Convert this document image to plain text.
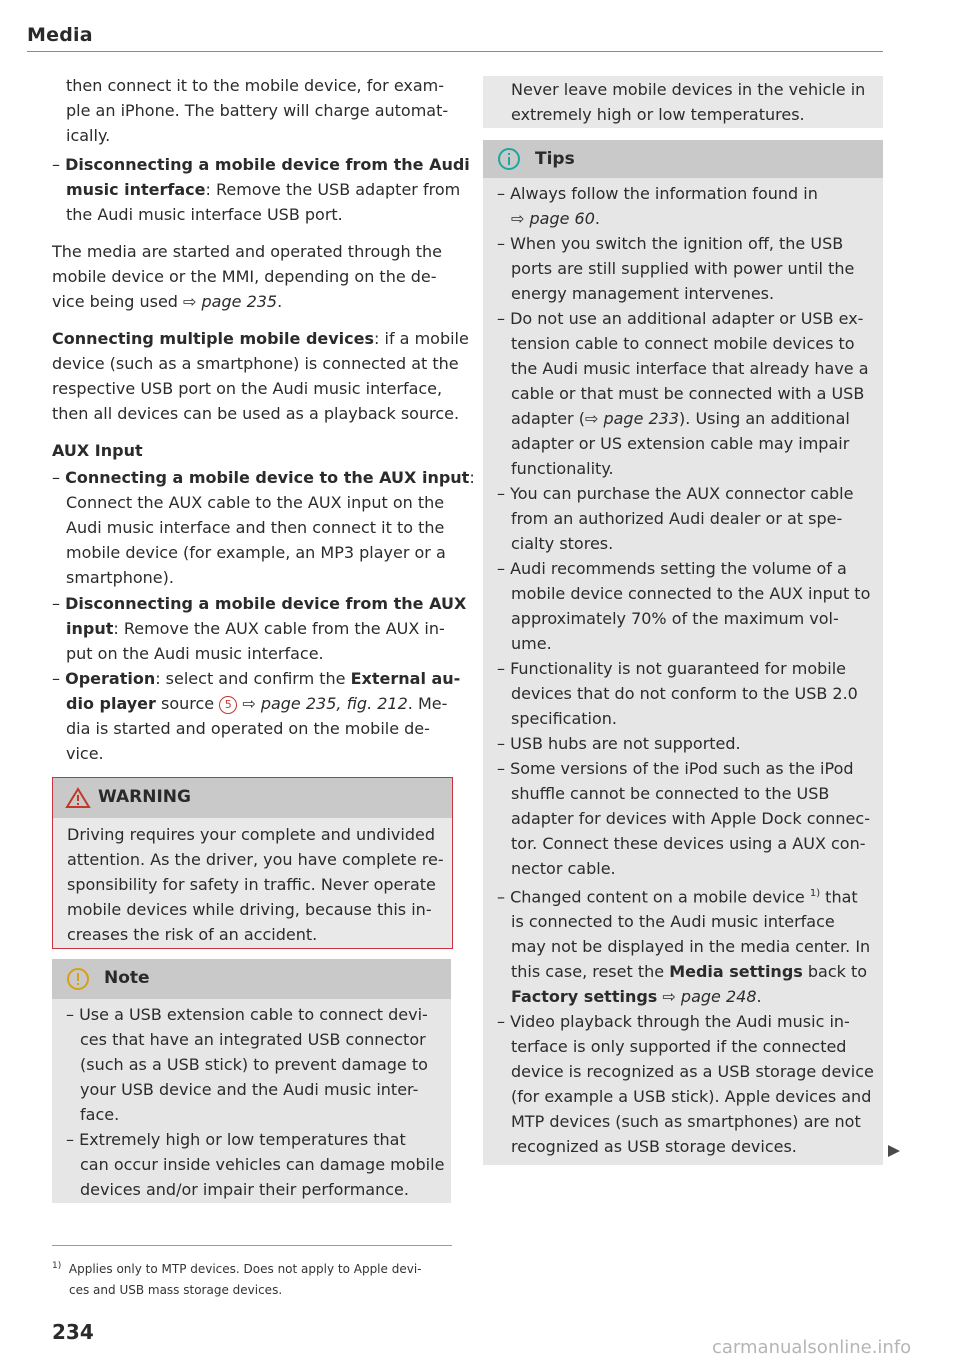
Media
then connect it to the mobile device, for exam-
ple an iPhone. The battery will charge automat-
ically.
– Disconnecting a mobile device from the Audi
music interface: Remove the USB adapter from
the Audi music interface USB port.
The media are started and operated through the
mobile device or the MMI, depending on the de-
vice being used ⇨ page 235.
Connecting multiple mobile devices: if a mobile
device (such as a smartphone) is connected at the
respective USB port on the Audi music interface,
then all devices can be used as a playback source.
AUX Input
– Connecting a mobile device to the AUX input:
Connect the AUX cable to the AUX input on the
Audi music interface and then connect it to the
mobile device (for example, an MP3 player or a
smartphone).
– Disconnecting a mobile device from the AUX
input: Remove the AUX cable from the AUX in-
put on the Audi music interface.
– Operation: select and confirm the External au-
dio player source 5 ⇨ page 235, fig. 212. Me-
dia is started and operated on the mobile de-
vice.
WARNING
Driving requires your complete and undivided
attention. As the driver, you have complete re-
sponsibility for safety in traffic. Never operate
mobile devices while driving, because this in-
creases the risk of an accident.
Note
– Use a USB extension cable to connect devi-
ces that have an integrated USB connector
(such as a USB stick) to prevent damage to
your USB device and the Audi music inter-
face.
– Extremely high or low temperatures that
can occur inside vehicles can damage mobile
devices and/or impair their performance.
$^{1)}$ Applies only to MTP devices. Does not apply to Apple devi-
ces and USB mass storage devices.
234
Never leave mobile devices in the vehicle in
extremely high or low temperatures.
Tips
– Always follow the information found in
⇨ page 60.
– When you switch the ignition off, the USB
ports are still supplied with power until the
energy management intervenes.
– Do not use an additional adapter or USB ex-
tension cable to connect mobile devices to
the Audi music interface that already have a
cable or that must be connected with a USB
adapter (⇨ page 233). Using an additional
adapter or US extension cable may impair
functionality.
– You can purchase the AUX connector cable
from an authorized Audi dealer or at spe-
cialty stores.
– Audi recommends setting the volume of a
mobile device connected to the AUX input to
approximately 70% of the maximum vol-
ume.
– Functionality is not guaranteed for mobile
devices that do not conform to the USB 2.0
specification.
– USB hubs are not supported.
– Some versions of the iPod such as the iPod
shuffle cannot be connected to the USB
adapter for devices with Apple Dock connec-
tor. Connect these devices using a AUX con-
nector cable.
– Changed content on a mobile device $^{1)}$ that
is connected to the Audi music interface
may not be displayed in the media center. In
this case, reset the Media settings back to
Factory settings ⇨ page 248.
– Video playback through the Audi music in-
terface is only supported if the connected
device is recognized as a USB storage device
(for example a USB stick). Apple devices and
MTP devices (such as smartphones) are not
recognized as USB storage devices.
carmanualsonline.info
